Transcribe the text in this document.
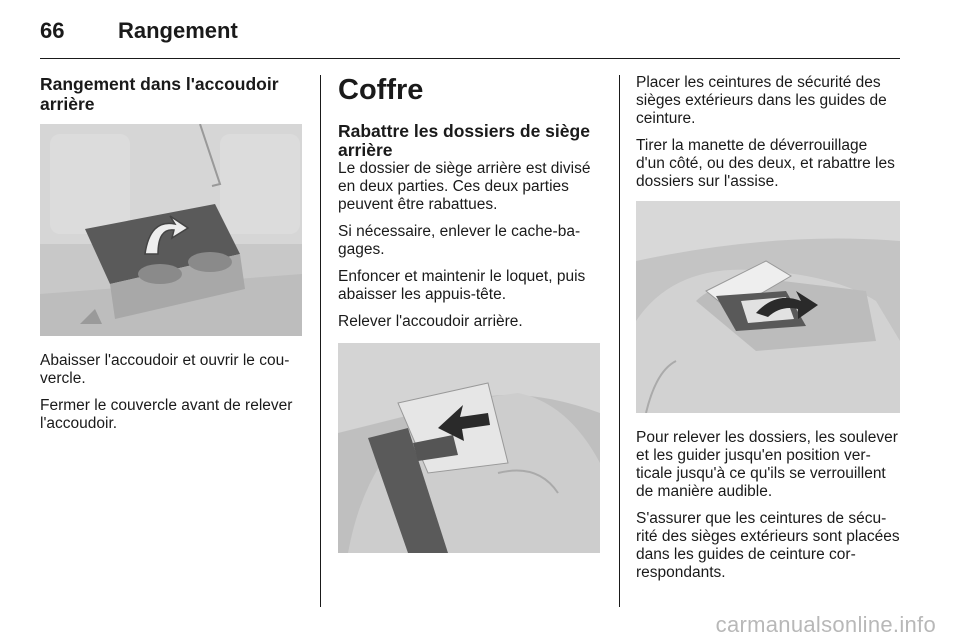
66 Rangement
Rangement dans l'accoudoir arrière

Abaisser l'accoudoir et ouvrir le couvercle.

Fermer le couvercle avant de relever l'accoudoir.

Coffre
Rabattre les dossiers de siège arrière

Le dossier de siège arrière est divisé en deux parties. Ces deux parties peuvent être rabattues.

Si nécessaire, enlever le cache-bagages.

Enfoncer et maintenir le loquet, puis abaisser les appuis-tête.

Relever l'accoudoir arrière.

Placer les ceintures de sécurité des sièges extérieurs dans les guides de ceinture.

Tirer la manette de déverrouillage d'un côté, ou des deux, et rabattre les dossiers sur l'assise.

Pour relever les dossiers, les soulever et les guider jusqu'en position verticale jusqu'à ce qu'ils se verrouillent de manière audible.

S'assurer que les ceintures de sécurité des sièges extérieurs sont placées dans les guides de ceinture correspondants.

carmanualsonline.info
